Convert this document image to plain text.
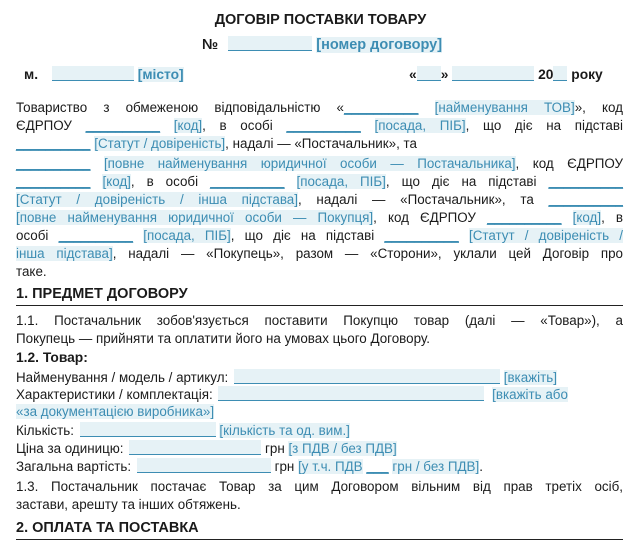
ДОГОВІР ПОСТАВКИ ТОВАРУ
№	[номер договору]
м.	[місто]	« »	20 року
Товариство з обмеженою відповідальністю «__________ [найменування ТОВ]», код
ЄДРПОУ __________ [код], в особі __________ [посада, ПІБ], що діє на підставі
__________ [Статут / довіреність], надалі — «Постачальник», та
__________ [повне найменування юридичної особи — Постачальника], код ЄДРПОУ
__________ [код], в особі __________ [посада, ПІБ], що діє на підставі __________
[Статут / довіреність / інша підстава], надалі — «Постачальник», та __________
[повне найменування юридичної особи — Покупця], код ЄДРПОУ __________ [код], в
особі __________ [посада, ПІБ], що діє на підставі __________ [Статут / довіреність /
інша підстава], надалі — «Покупець», разом — «Сторони», уклали цей Договір про
таке.
1. ПРЕДМЕТ ДОГОВОРУ
1.1. Постачальник зобов'язується поставити Покупцю товар (далі — «Товар»), а
Покупець — прийняти та оплатити його на умовах цього Договору.
1.2. Товар:
Найменування / модель / артикул:	[вкажіть]
Характеристики / комплектація:	[вкажіть або
«за документацією виробника»]
Кількість:	[кількість та од. вим.]
Ціна за одиницю:	грн [з ПДВ / без ПДВ]
Загальна вартість:	грн [у т.ч. ПДВ ___ грн / без ПДВ].
1.3. Постачальник постачає Товар за цим Договором вільним від прав третіх осіб,
застави, арешту та інших обтяжень.
2. ОПЛАТА ТА ПОСТАВКА
